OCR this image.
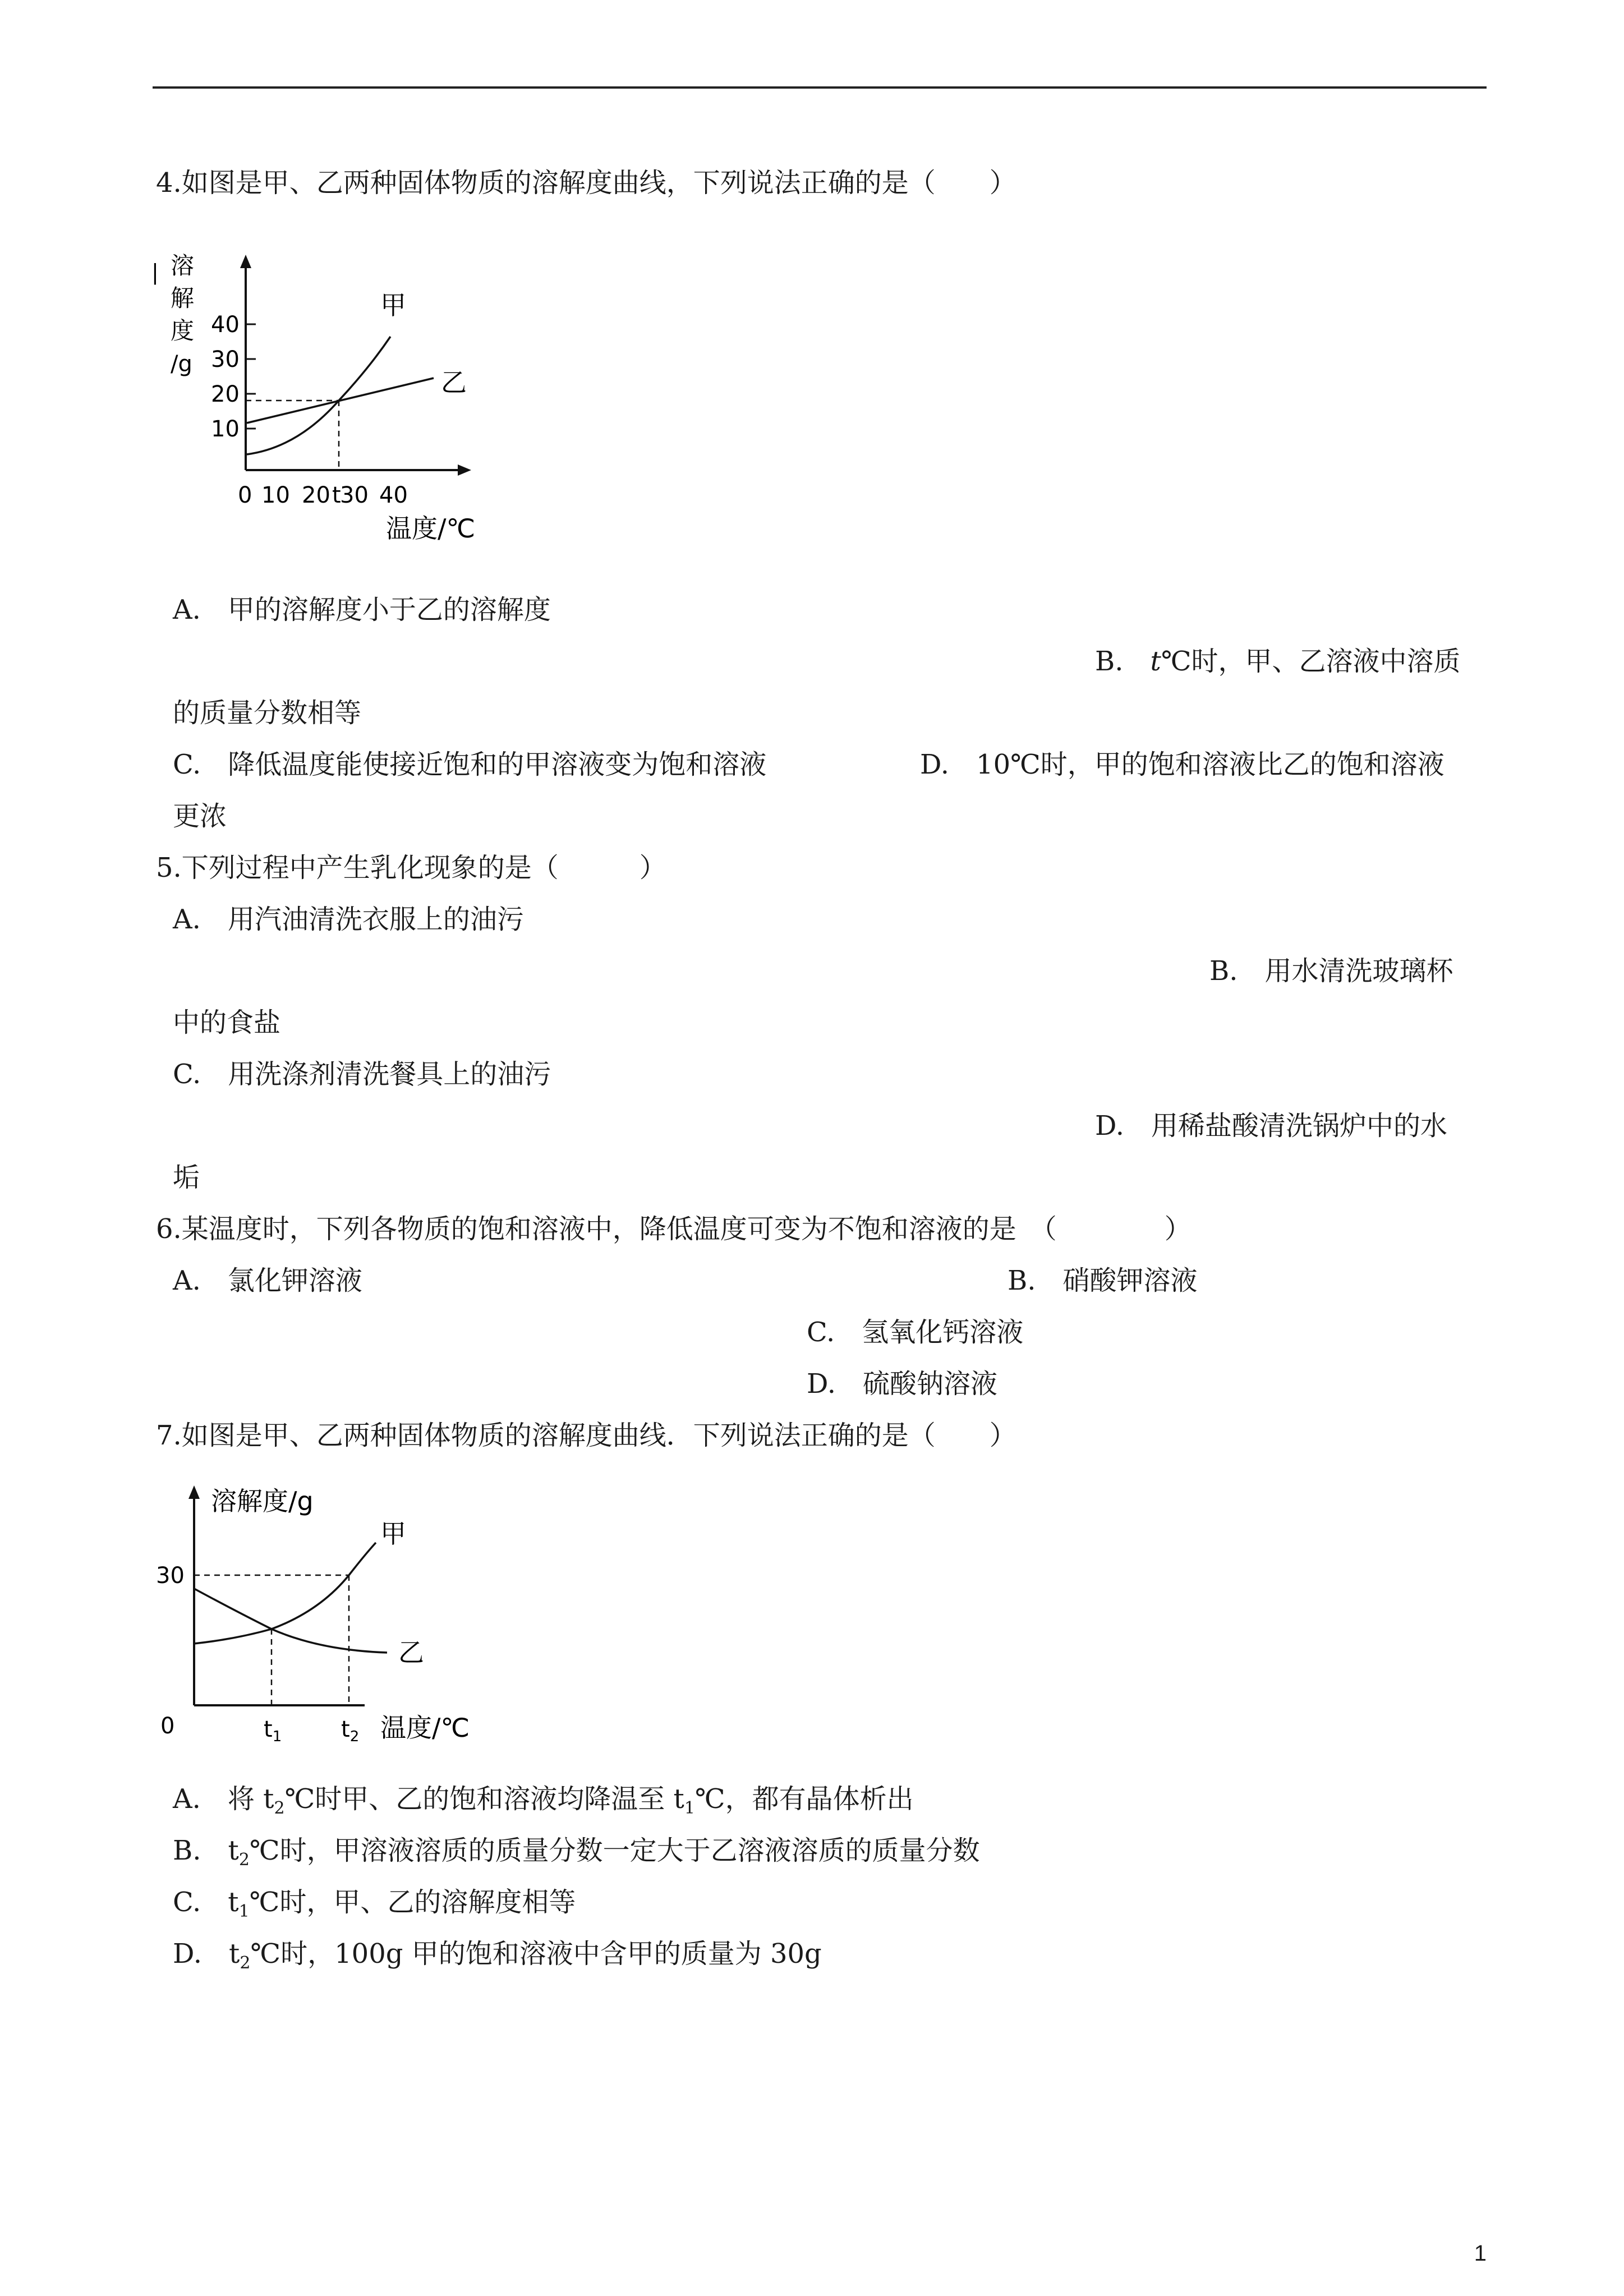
4.如图是甲、乙两种固体物质的溶解度曲线，下列说法正确的是（　　）
| 溶
解
度
/g
40
30
20
10
0 10 20 t
30 40
甲
乙
温度/℃
A.　甲的溶解度小于乙的溶解度
B.　t℃时，甲、乙溶液中溶质
的质量分数相等
C.　降低温度能使接近饱和的甲溶液变为饱和溶液	D.　10℃时，甲的饱和溶液比乙的饱和溶液
更浓
5.下列过程中产生乳化现象的是（　　　）
A.　用汽油清洗衣服上的油污
B.　用水清洗玻璃杯
中的食盐
C.　用洗涤剂清洗餐具上的油污
D.　用稀盐酸清洗锅炉中的水
垢
6.某温度时，下列各物质的饱和溶液中，降低温度可变为不饱和溶液的是　（　　　　）
A.　氯化钾溶液	B.　硝酸钾溶液
C.　氢氧化钙溶液
D.　硫酸钠溶液
7.如图是甲、乙两种固体物质的溶解度曲线．下列说法正确的是（　　）
溶解度/g
30
0
甲
乙
$t_1$	$t_2$ 温度/℃
A.　将 $t_2℃$时甲、乙的饱和溶液均降温至 $t_1℃$，都有晶体析出
B.　$t_2℃$时，甲溶液溶质的质量分数一定大于乙溶液溶质的质量分数
C.　$t_1℃$时，甲、乙的溶解度相等
D.　$t_2℃$时，100g 甲的饱和溶液中含甲的质量为 30g
1
